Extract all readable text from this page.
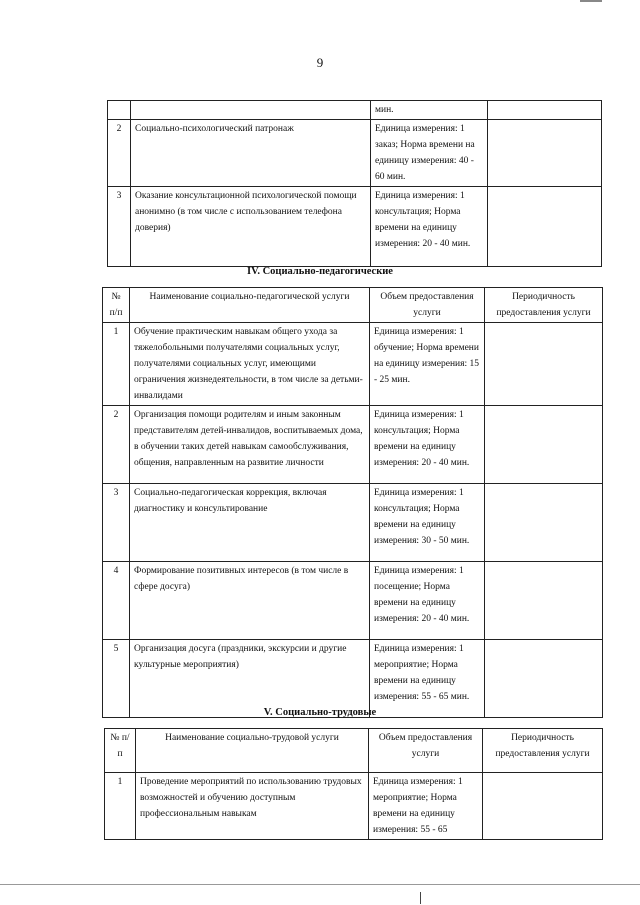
9
		мин.	
2	Социально-психологический патронаж	Единица измерения: 1 заказ; Норма времени на единицу измерения: 40 - 60 мин.	
3	Оказание консультационной психологической помощи анонимно (в том числе с использованием телефона доверия)	Единица измерения: 1 консультация; Норма времени на единицу измерения: 20 - 40 мин.	
IV. Социально-педагогические
№ п/п	Наименование социально-педагогической услуги	Объем предоставления услуги	Периодичность предоставления услуги
1	Обучение практическим навыкам общего ухода за тяжелобольными получателями социальных услуг, получателями социальных услуг, имеющими ограничения жизнедеятельности, в том числе за детьми-инвалидами	Единица измерения: 1 обучение; Норма времени на единицу измерения: 15 - 25 мин.	
2	Организация помощи родителям и иным законным представителям детей-инвалидов, воспитываемых дома, в обучении таких детей навыкам самообслуживания, общения, направленным на развитие личности	Единица измерения: 1 консультация; Норма времени на единицу измерения: 20 - 40 мин.	
3	Социально-педагогическая коррекция, включая диагностику и консультирование	Единица измерения: 1 консультация; Норма времени на единицу измерения: 30 - 50 мин.	
4	Формирование позитивных интересов (в том числе в сфере досуга)	Единица измерения: 1 посещение; Норма времени на единицу измерения: 20 - 40 мин.	
5	Организация досуга (праздники, экскурсии и другие культурные мероприятия)	Единица измерения: 1 мероприятие; Норма времени на единицу измерения: 55 - 65 мин.	
V. Социально-трудовые
№ п/п	Наименование социально-трудовой услуги	Объем предоставления услуги	Периодичность предоставления услуги
1	Проведение мероприятий по использованию трудовых возможностей и обучению доступным профессиональным навыкам	Единица измерения: 1 мероприятие; Норма времени на единицу измерения: 55 - 65	
